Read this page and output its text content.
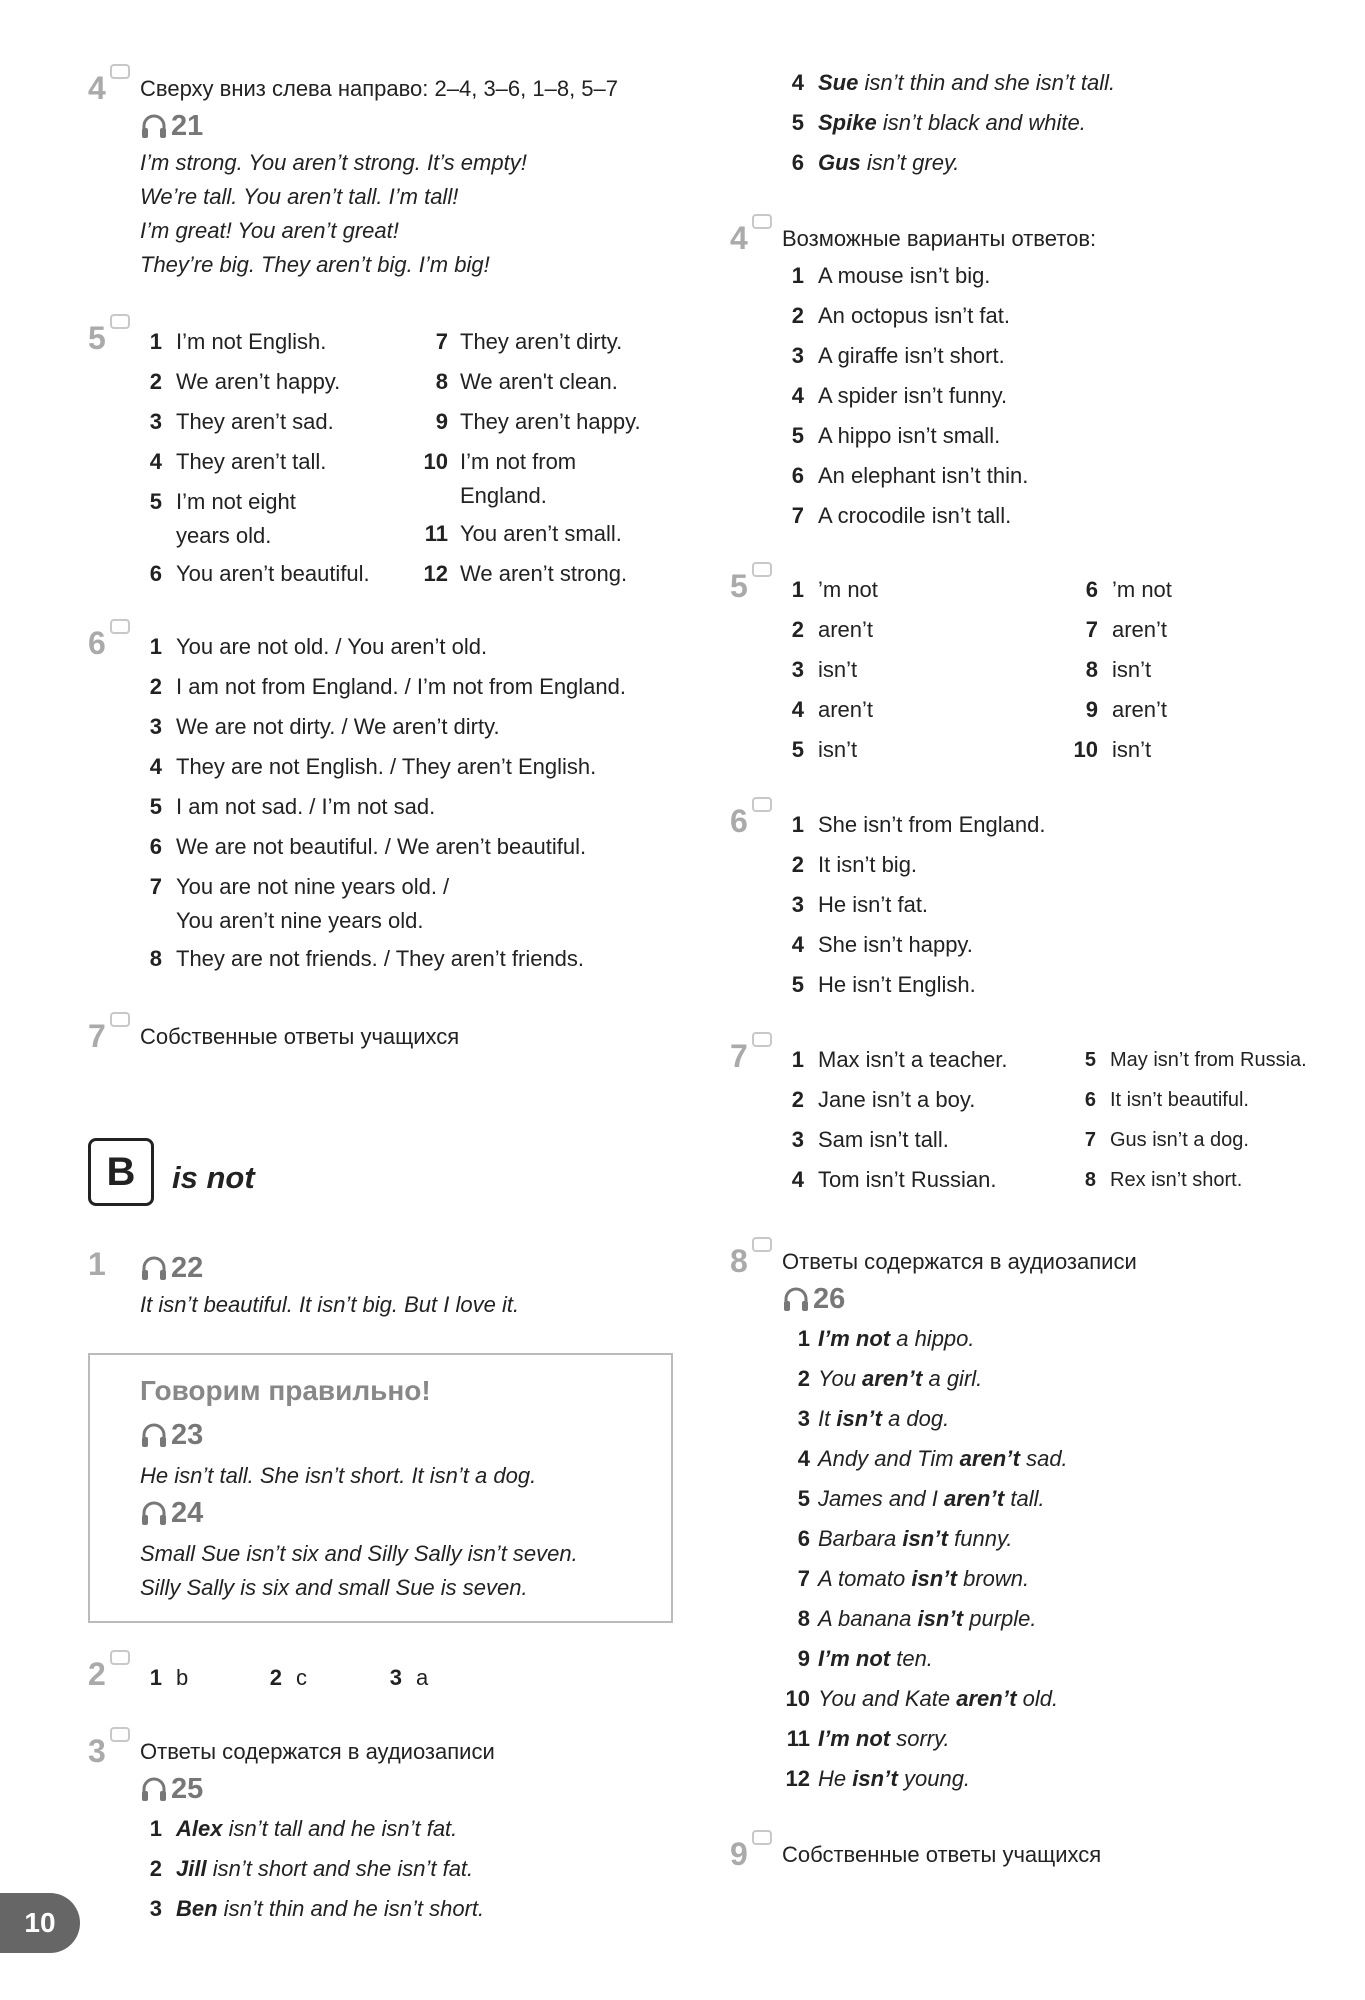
4 Сверху вниз слева направо: 2–4, 3–6, 1–8, 5–7
21
I’m strong. You aren’t strong. It’s empty!
We’re tall. You aren’t tall. I’m tall!
I’m great! You aren’t great!
They’re big. They aren’t big. I’m big!
5	1 I’m not English.
2 We aren’t happy.
3 They aren’t sad.
4 They aren’t tall.
5 I’m not eight
years old.
6 You aren’t beautiful.
7 They aren’t dirty.
8 We aren't clean.
9 They aren’t happy.
10 I’m not from
England.
11 You aren’t small.
12 We aren’t strong.
6	1 You are not old. / You aren’t old.
2 I am not from England. / I’m not from England.
3 We are not dirty. / We aren’t dirty.
4 They are not English. / They aren’t English.
5 I am not sad. / I’m not sad.
6 We are not beautiful. / We aren’t beautiful.
7 You are not nine years old. /
You aren’t nine years old.
8 They are not friends. / They aren’t friends.
7 Собственные ответы учащихся
B	is not
1 22
It isn’t beautiful. It isn’t big. But I love it.
Говорим правильно!
23
He isn’t tall. She isn’t short. It isn’t a dog.
24
Small Sue isn’t six and Silly Sally isn’t seven.
Silly Sally is six and small Sue is seven.
2	1 b	2 c	3 a
3 Ответы содержатся в аудиозаписи
25
1 Alex isn’t tall and he isn’t fat.
2 Jill isn’t short and she isn’t fat.
3 Ben isn’t thin and he isn’t short.
10
4 Sue isn’t thin and she isn’t tall.
5 Spike isn’t black and white.
6 Gus isn’t grey.
4 Возможные варианты ответов:
1 A mouse isn’t big.
2 An octopus isn’t fat.
3 A giraffe isn’t short.
4 A spider isn’t funny.
5 A hippo isn’t small.
6 An elephant isn’t thin.
7 A crocodile isn’t tall.
5	1 ’m not
2 aren’t
3 isn’t
4 aren’t
5 isn’t
6 ’m not
7 aren’t
8 isn’t
9 aren’t
10 isn’t
6	1 She isn’t from England.
2 It isn’t big.
3 He isn’t fat.
4 She isn’t happy.
5 He isn’t English.
7	1 Max isn’t a teacher.
2 Jane isn’t a boy.
3 Sam isn’t tall.
4 Tom isn’t Russian.
5 May isn’t from Russia.
6 It isn’t beautiful.
7 Gus isn’t a dog.
8 Rex isn’t short.
8 Ответы содержатся в аудиозаписи
26
1 I’m not a hippo.
2 You aren’t a girl.
3 It isn’t a dog.
4 Andy and Tim aren’t sad.
5 James and I aren’t tall.
6 Barbara isn’t funny.
7 A tomato isn’t brown.
8 A banana isn’t purple.
9 I’m not ten.
10 You and Kate aren’t old.
11 I’m not sorry.
12 He isn’t young.
9 Собственные ответы учащихся
